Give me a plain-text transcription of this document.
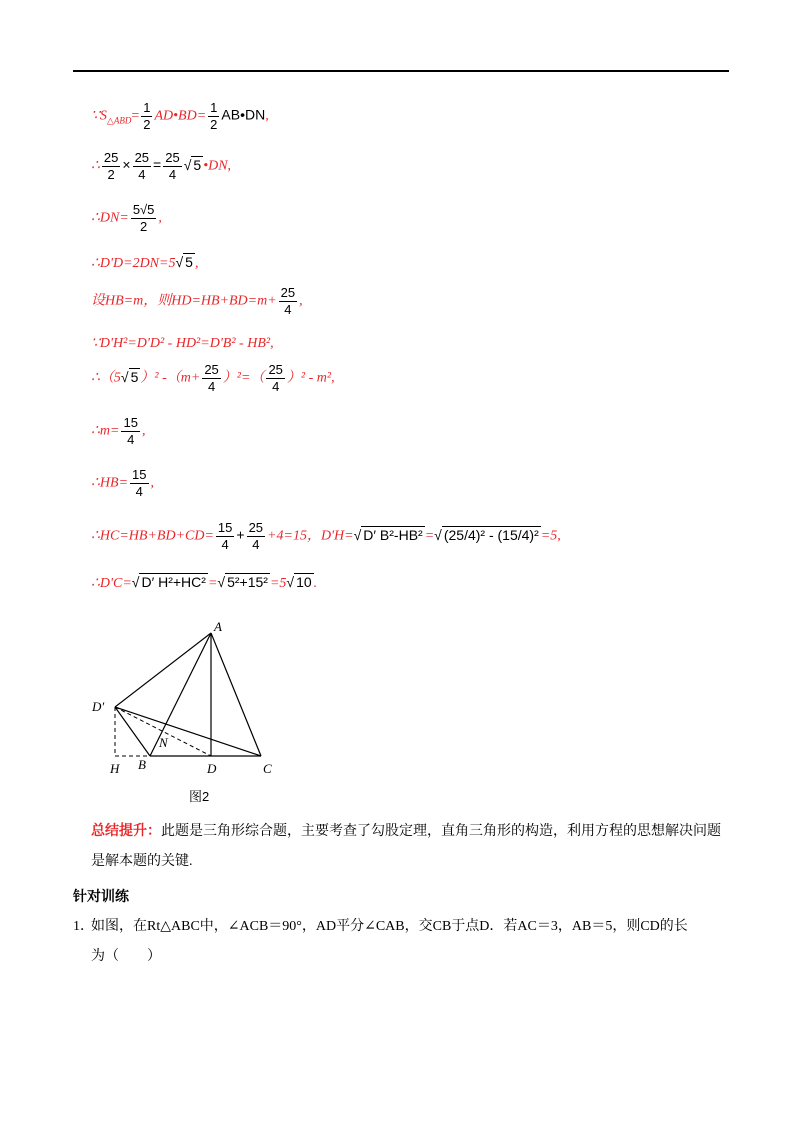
$\because S_{\triangle ABD}= \frac{1}{2}$ AD•BD= $\frac{1}{2}$ AB•DN,
∴ $\frac{25}{2} \times \frac{25}{4} = \frac{25}{4}$ √ 5 •DN,
∴DN= $\frac{5√5}{2}$ ,
∴D'D=2DN=5√ 5 ,
设HB=m，则$HD=HB+BD=m+ \frac{25}{4}$ ,
∵D'H²=D'D² - HD²=D'B² - HB²,
∴（5√ 5 ）² $-(m+ \frac{25}{4} )^2=( \frac{25}{4} )^2 - m^2$,
∴m= $\frac{15}{4}$ ,
∴HB= $\frac{15}{4}$ ,
∴HC=HB+BD+CD= $\frac{15}{4} + \frac{25}{4} +4=15$，D'H=√ D′ B²-HB² =√ (25/4)² - (15/4)² =5,
∴D'C=√ D′ H²+HC² =√ 5²+15² =5√ 10 .
A
D′
N
H B	D	C
图2
总结提升：此题是三角形综合题，主要考查了勾股定理，直角三角形的构造，利用方程的思想解决问题是解本题的关键.
针对训练
1．如图，在Rt△ABC中，∠ACB＝90°，AD平分∠CAB，交CB于点D．若AC＝3，AB＝5，则CD的长
为（　　）
